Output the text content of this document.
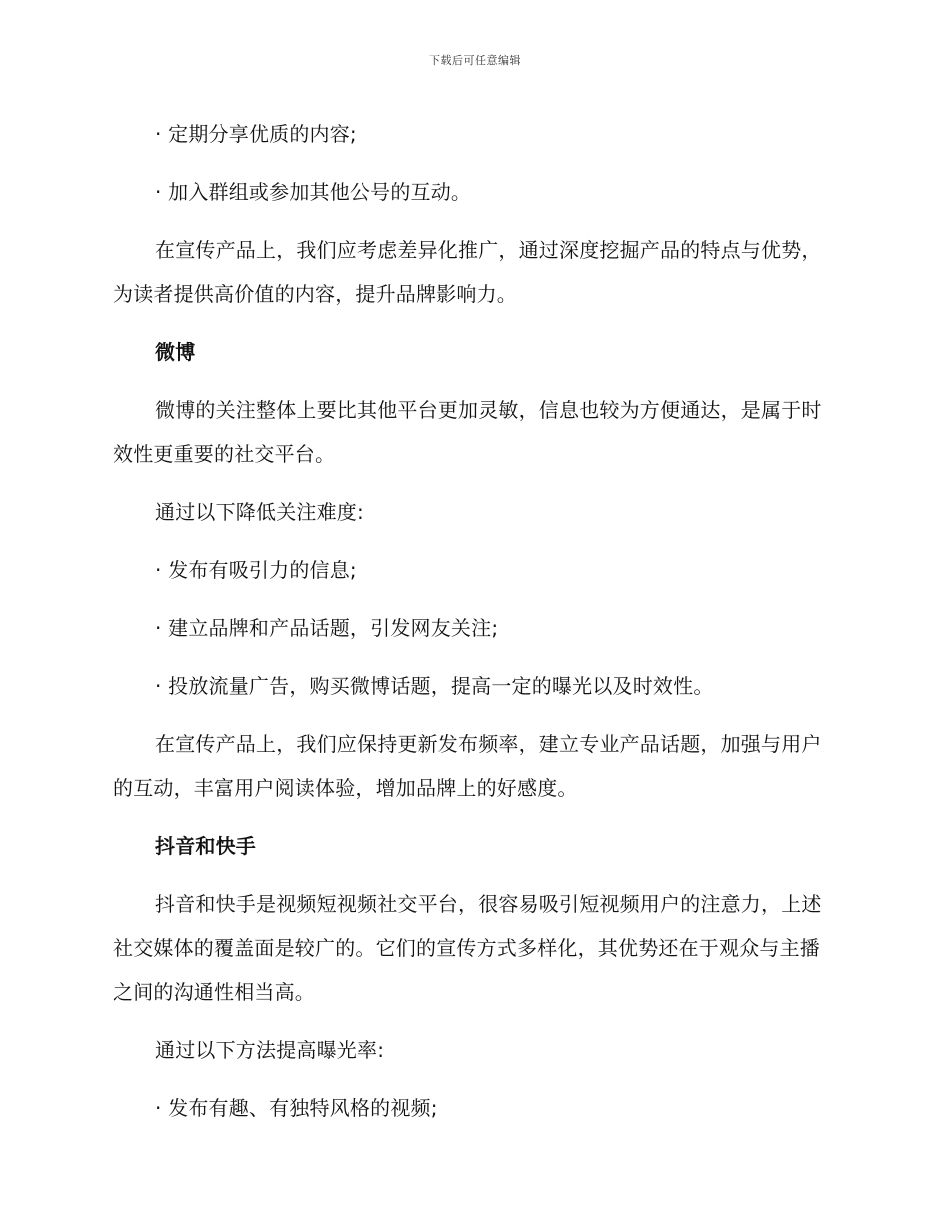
下载后可任意编辑

· 定期分享优质的内容;

· 加入群组或参加其他公号的互动。

在宣传产品上，我们应考虑差异化推广，通过深度挖掘产品的特点与优势，为读者提供高价值的内容，提升品牌影响力。

微博

微博的关注整体上要比其他平台更加灵敏，信息也较为方便通达，是属于时效性更重要的社交平台。

通过以下降低关注难度:

· 发布有吸引力的信息;

· 建立品牌和产品话题，引发网友关注;

· 投放流量广告，购买微博话题，提高一定的曝光以及时效性。

在宣传产品上，我们应保持更新发布频率，建立专业产品话题，加强与用户的互动，丰富用户阅读体验，增加品牌上的好感度。

抖音和快手

抖音和快手是视频短视频社交平台，很容易吸引短视频用户的注意力，上述社交媒体的覆盖面是较广的。它们的宣传方式多样化，其优势还在于观众与主播之间的沟通性相当高。

通过以下方法提高曝光率:

· 发布有趣、有独特风格的视频;
